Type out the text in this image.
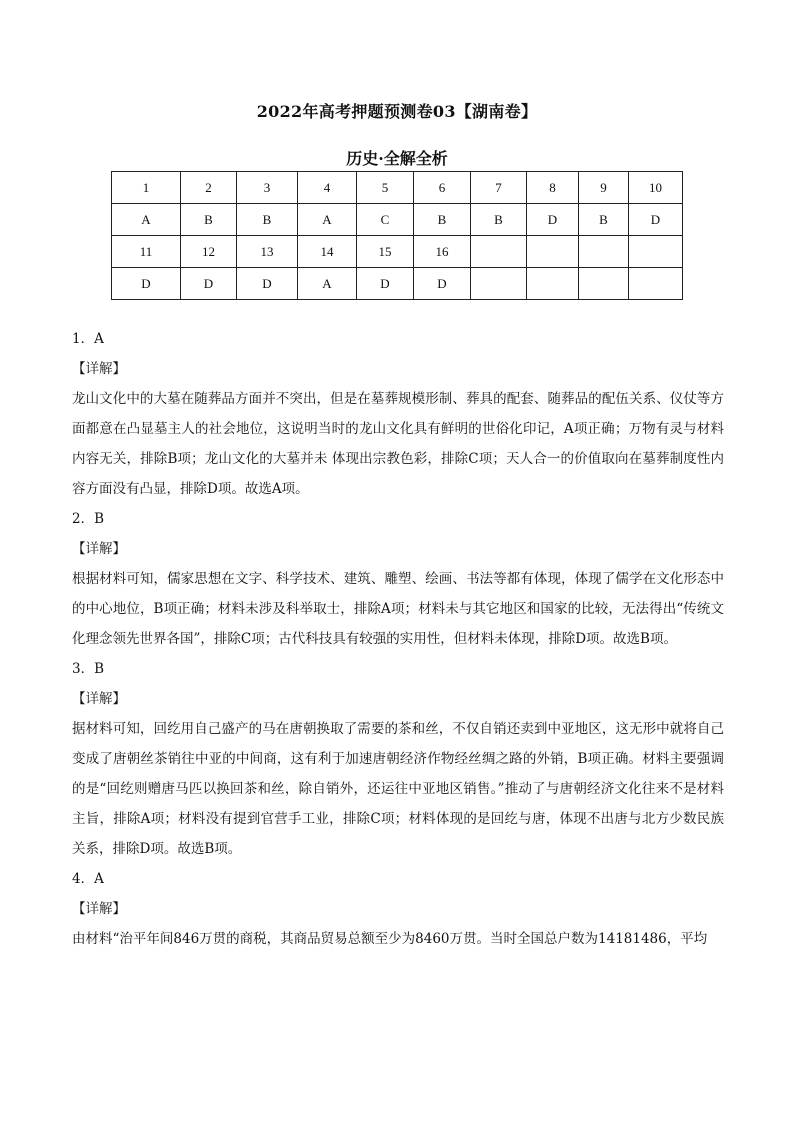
2022年高考押题预测卷03【湖南卷】
历史·全解全析
1	2	3	4	5	6	7	8	9	10
A	B	B	A	C	B	B	D	B	D
11	12	13	14	15	16				
D	D	D	A	D	D				
1．A
【详解】
龙山文化中的大墓在随葬品方面并不突出，但是在墓葬规模形制、葬具的配套、随葬品的配伍关系、仪仗等方面都意在凸显墓主人的社会地位，这说明当时的龙山文化具有鲜明的世俗化印记，A项正确；万物有灵与材料内容无关，排除B项；龙山文化的大墓并未 体现出宗教色彩，排除C项；天人合一的价值取向在墓葬制度性内容方面没有凸显，排除D项。故选A项。
2．B
【详解】
根据材料可知，儒家思想在文字、科学技术、建筑、雕塑、绘画、书法等都有体现，体现了儒学在文化形态中的中心地位，B项正确；材料未涉及科举取士，排除A项；材料未与其它地区和国家的比较，无法得出“传统文化理念领先世界各国”，排除C项；古代科技具有较强的实用性，但材料未体现，排除D项。故选B项。
3．B
【详解】
据材料可知，回纥用自己盛产的马在唐朝换取了需要的茶和丝，不仅自销还卖到中亚地区，这无形中就将自己变成了唐朝丝茶销往中亚的中间商，这有利于加速唐朝经济作物经丝绸之路的外销，B项正确。材料主要强调的是“回纥则赠唐马匹以换回茶和丝，除自销外，还运往中亚地区销售。”推动了与唐朝经济文化往来不是材料主旨，排除A项；材料没有提到官营手工业，排除C项；材料体现的是回纥与唐，体现不出唐与北方少数民族关系，排除D项。故选B项。
4．A
【详解】
由材料“治平年间846万贯的商税，其商品贸易总额至少为8460万贯。当时全国总户数为14181486，平均
